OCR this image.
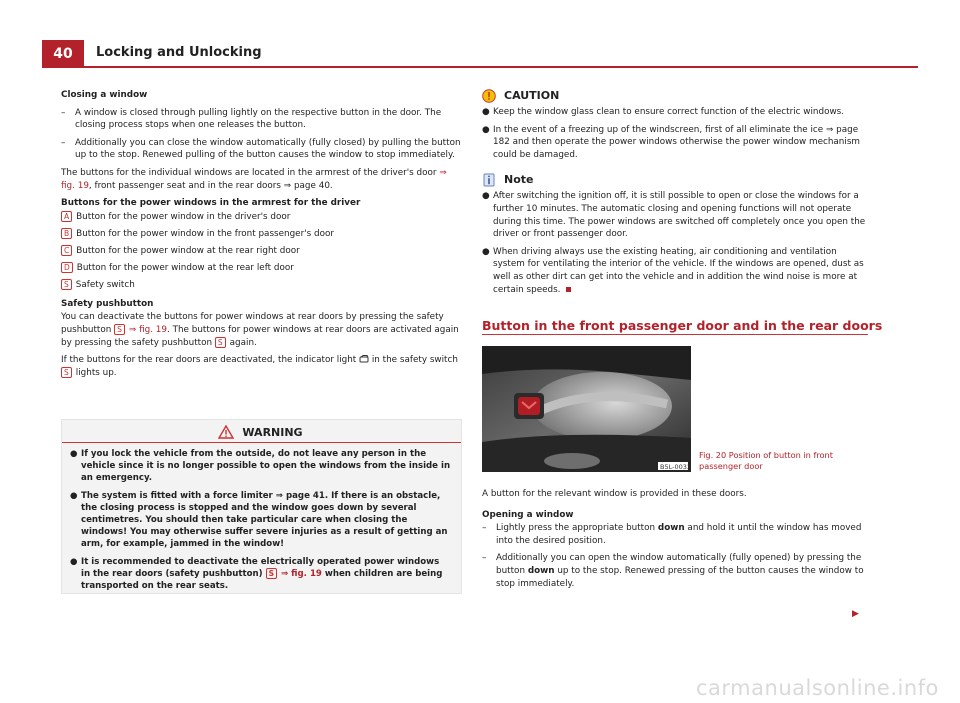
40	Locking and Unlocking

Closing a window

–	A window is closed through pulling lightly on the respective button in the door. The closing process stops when one releases the button.
–	Additionally you can close the window automatically (fully closed) by pulling the button up to the stop. Renewed pulling of the button causes the window to stop immediately.

The buttons for the individual windows are located in the armrest of the driver's door ⇒ fig. 19, front passenger seat and in the rear doors ⇒ page 40.

Buttons for the power windows in the armrest for the driver

A Button for the power window in the driver's door
B Button for the power window in the front passenger's door
C Button for the power window at the rear right door
D Button for the power window at the rear left door
S Safety switch

Safety pushbutton

You can deactivate the buttons for power windows at rear doors by pressing the safety pushbutton S ⇒ fig. 19. The buttons for power windows at rear doors are activated again by pressing the safety pushbutton S again.

If the buttons for the rear doors are deactivated, the indicator light in the safety switch S lights up.

WARNING
● If you lock the vehicle from the outside, do not leave any person in the vehicle since it is no longer possible to open the windows from the inside in an emergency.
● The system is fitted with a force limiter ⇒ page 41. If there is an obstacle, the closing process is stopped and the window goes down by several centimetres. You should then take particular care when closing the windows! You may otherwise suffer severe injuries as a result of getting an arm, for example, jammed in the window!
● It is recommended to deactivate the electrically operated power windows in the rear doors (safety pushbutton) S ⇒ fig. 19 when children are being transported on the rear seats.
CAUTION
● Keep the window glass clean to ensure correct function of the electric windows.
● In the event of a freezing up of the windscreen, first of all eliminate the ice ⇒ page 182 and then operate the power windows otherwise the power window mechanism could be damaged.
Note
● After switching the ignition off, it is still possible to open or close the windows for a further 10 minutes. The automatic closing and opening functions will not operate during this time. The power windows are switched off completely once you open the driver or front passenger door.
● When driving always use the existing heating, air conditioning and ventilation system for ventilating the interior of the vehicle. If the windows are opened, dust as well as other dirt can get into the vehicle and in addition the wind noise is more at certain speeds.
Button in the front passenger door and in the rear doors
B5L-0033
Fig. 20 Position of button in front passenger door

A button for the relevant window is provided in these doors.

Opening a window

–	Lightly press the appropriate button down and hold it until the window has moved into the desired position.
–	Additionally you can open the window automatically (fully opened) by pressing the button down up to the stop. Renewed pressing of the button causes the window to stop immediately.
▶
carmanualsonline.info
